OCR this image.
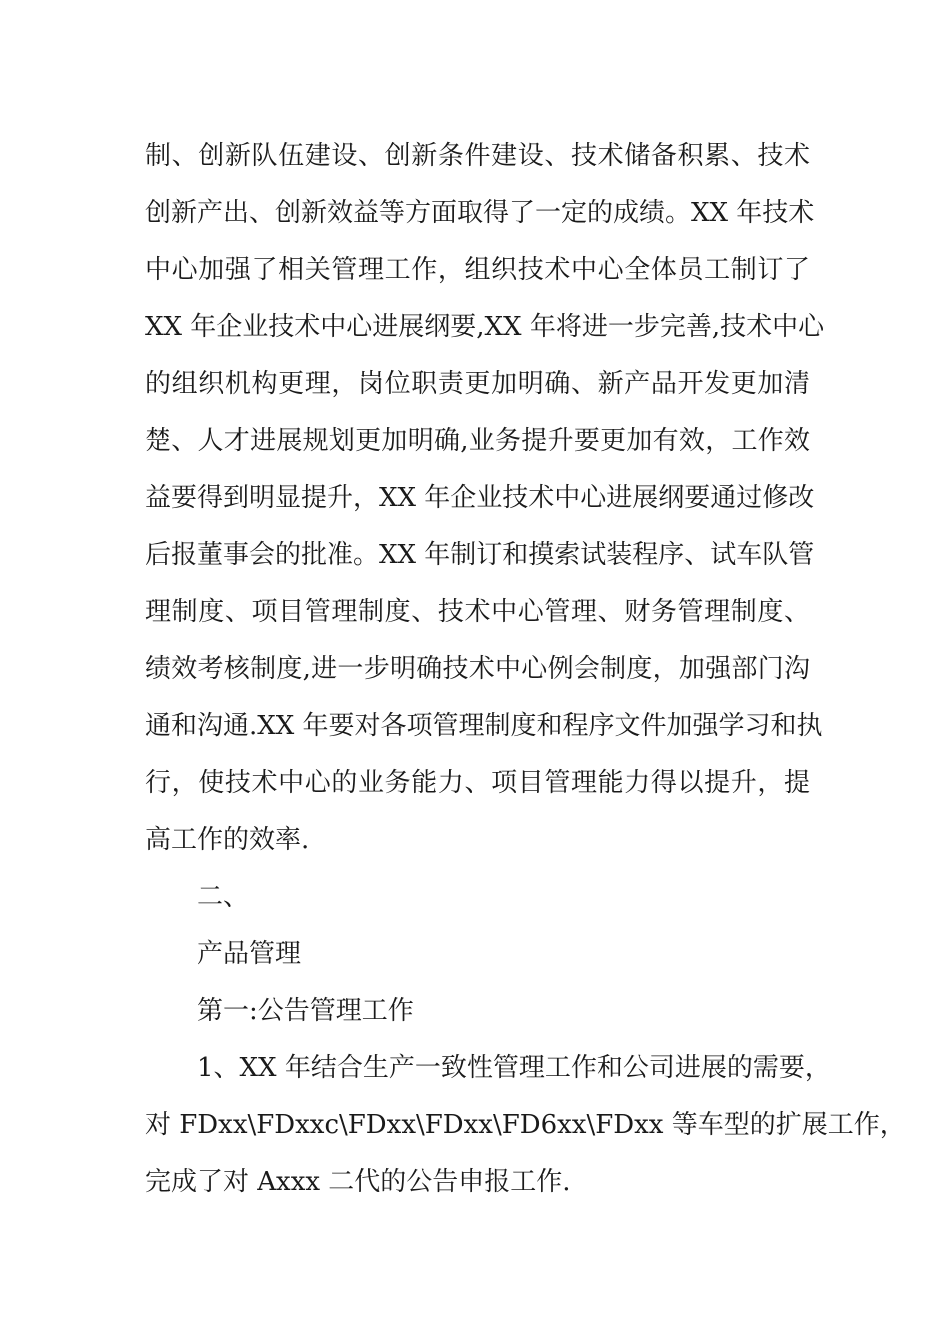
制、创新队伍建设、创新条件建设、技术储备积累、技术
创新产出、创新效益等方面取得了一定的成绩。XX 年技术
中心加强了相关管理工作，组织技术中心全体员工制订了
XX 年企业技术中心进展纲要,XX 年将进一步完善,技术中心
的组织机构更理，岗位职责更加明确、新产品开发更加清
楚、人才进展规划更加明确,业务提升要更加有效，工作效
益要得到明显提升，XX 年企业技术中心进展纲要通过修改
后报董事会的批准。XX 年制订和摸索试装程序、试车队管
理制度、项目管理制度、技术中心管理、财务管理制度、
绩效考核制度,进一步明确技术中心例会制度，加强部门沟
通和沟通.XX 年要对各项管理制度和程序文件加强学习和执
行，使技术中心的业务能力、项目管理能力得以提升，提
高工作的效率.
二、
产品管理
第一:公告管理工作
1、XX 年结合生产一致性管理工作和公司进展的需要，
对 FDxx\FDxxc\FDxx\FDxx\FD6xx\FDxx 等车型的扩展工作，
完成了对 Axxx 二代的公告申报工作.
